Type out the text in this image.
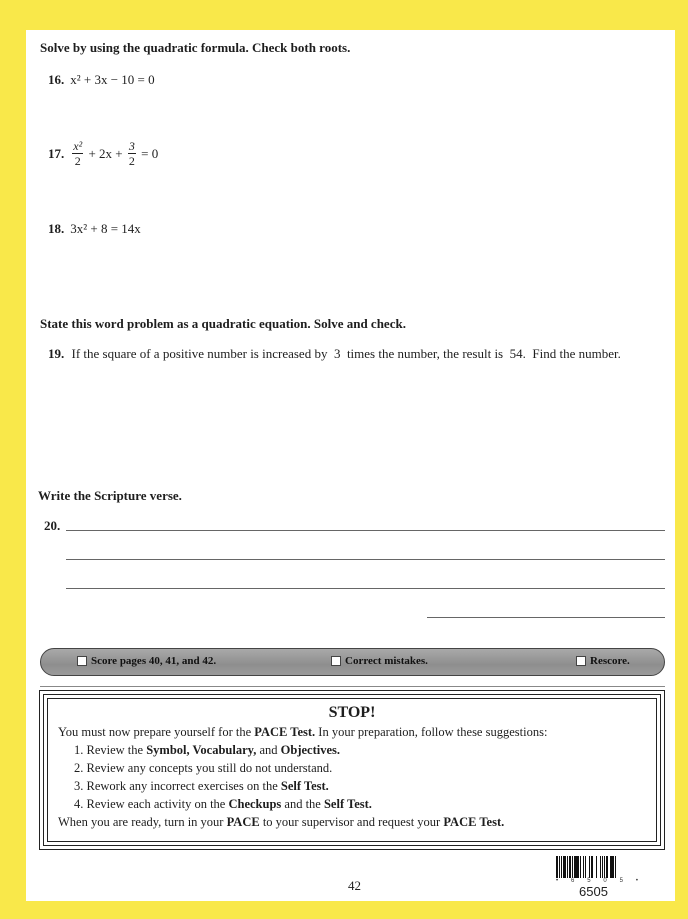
Solve by using the quadratic formula. Check both roots.
16. x² + 3x − 10 = 0
17. $\frac{\text{x²}}{2} + 2x + \frac{3}{2} = 0$
18. 3x² + 8 = 14x
State this word problem as a quadratic equation. Solve and check.
19. If the square of a positive number is increased by  3  times the number, the result is  54.  Find the number.
Write the Scripture verse.
20.
Score pages 40, 41, and 42.	Correct mistakes.	Rescore.
STOP!
You must now prepare yourself for the PACE Test. In your preparation, follow these suggestions:
1. Review the Symbol, Vocabulary, and Objectives.
2. Review any concepts you still do not understand.
3. Rework any incorrect exercises on the Self Test.
4. Review each activity on the Checkups and the Self Test.
When you are ready, turn in your PACE to your supervisor and request your PACE Test.
42	• 6 5 0 5 •
6505
